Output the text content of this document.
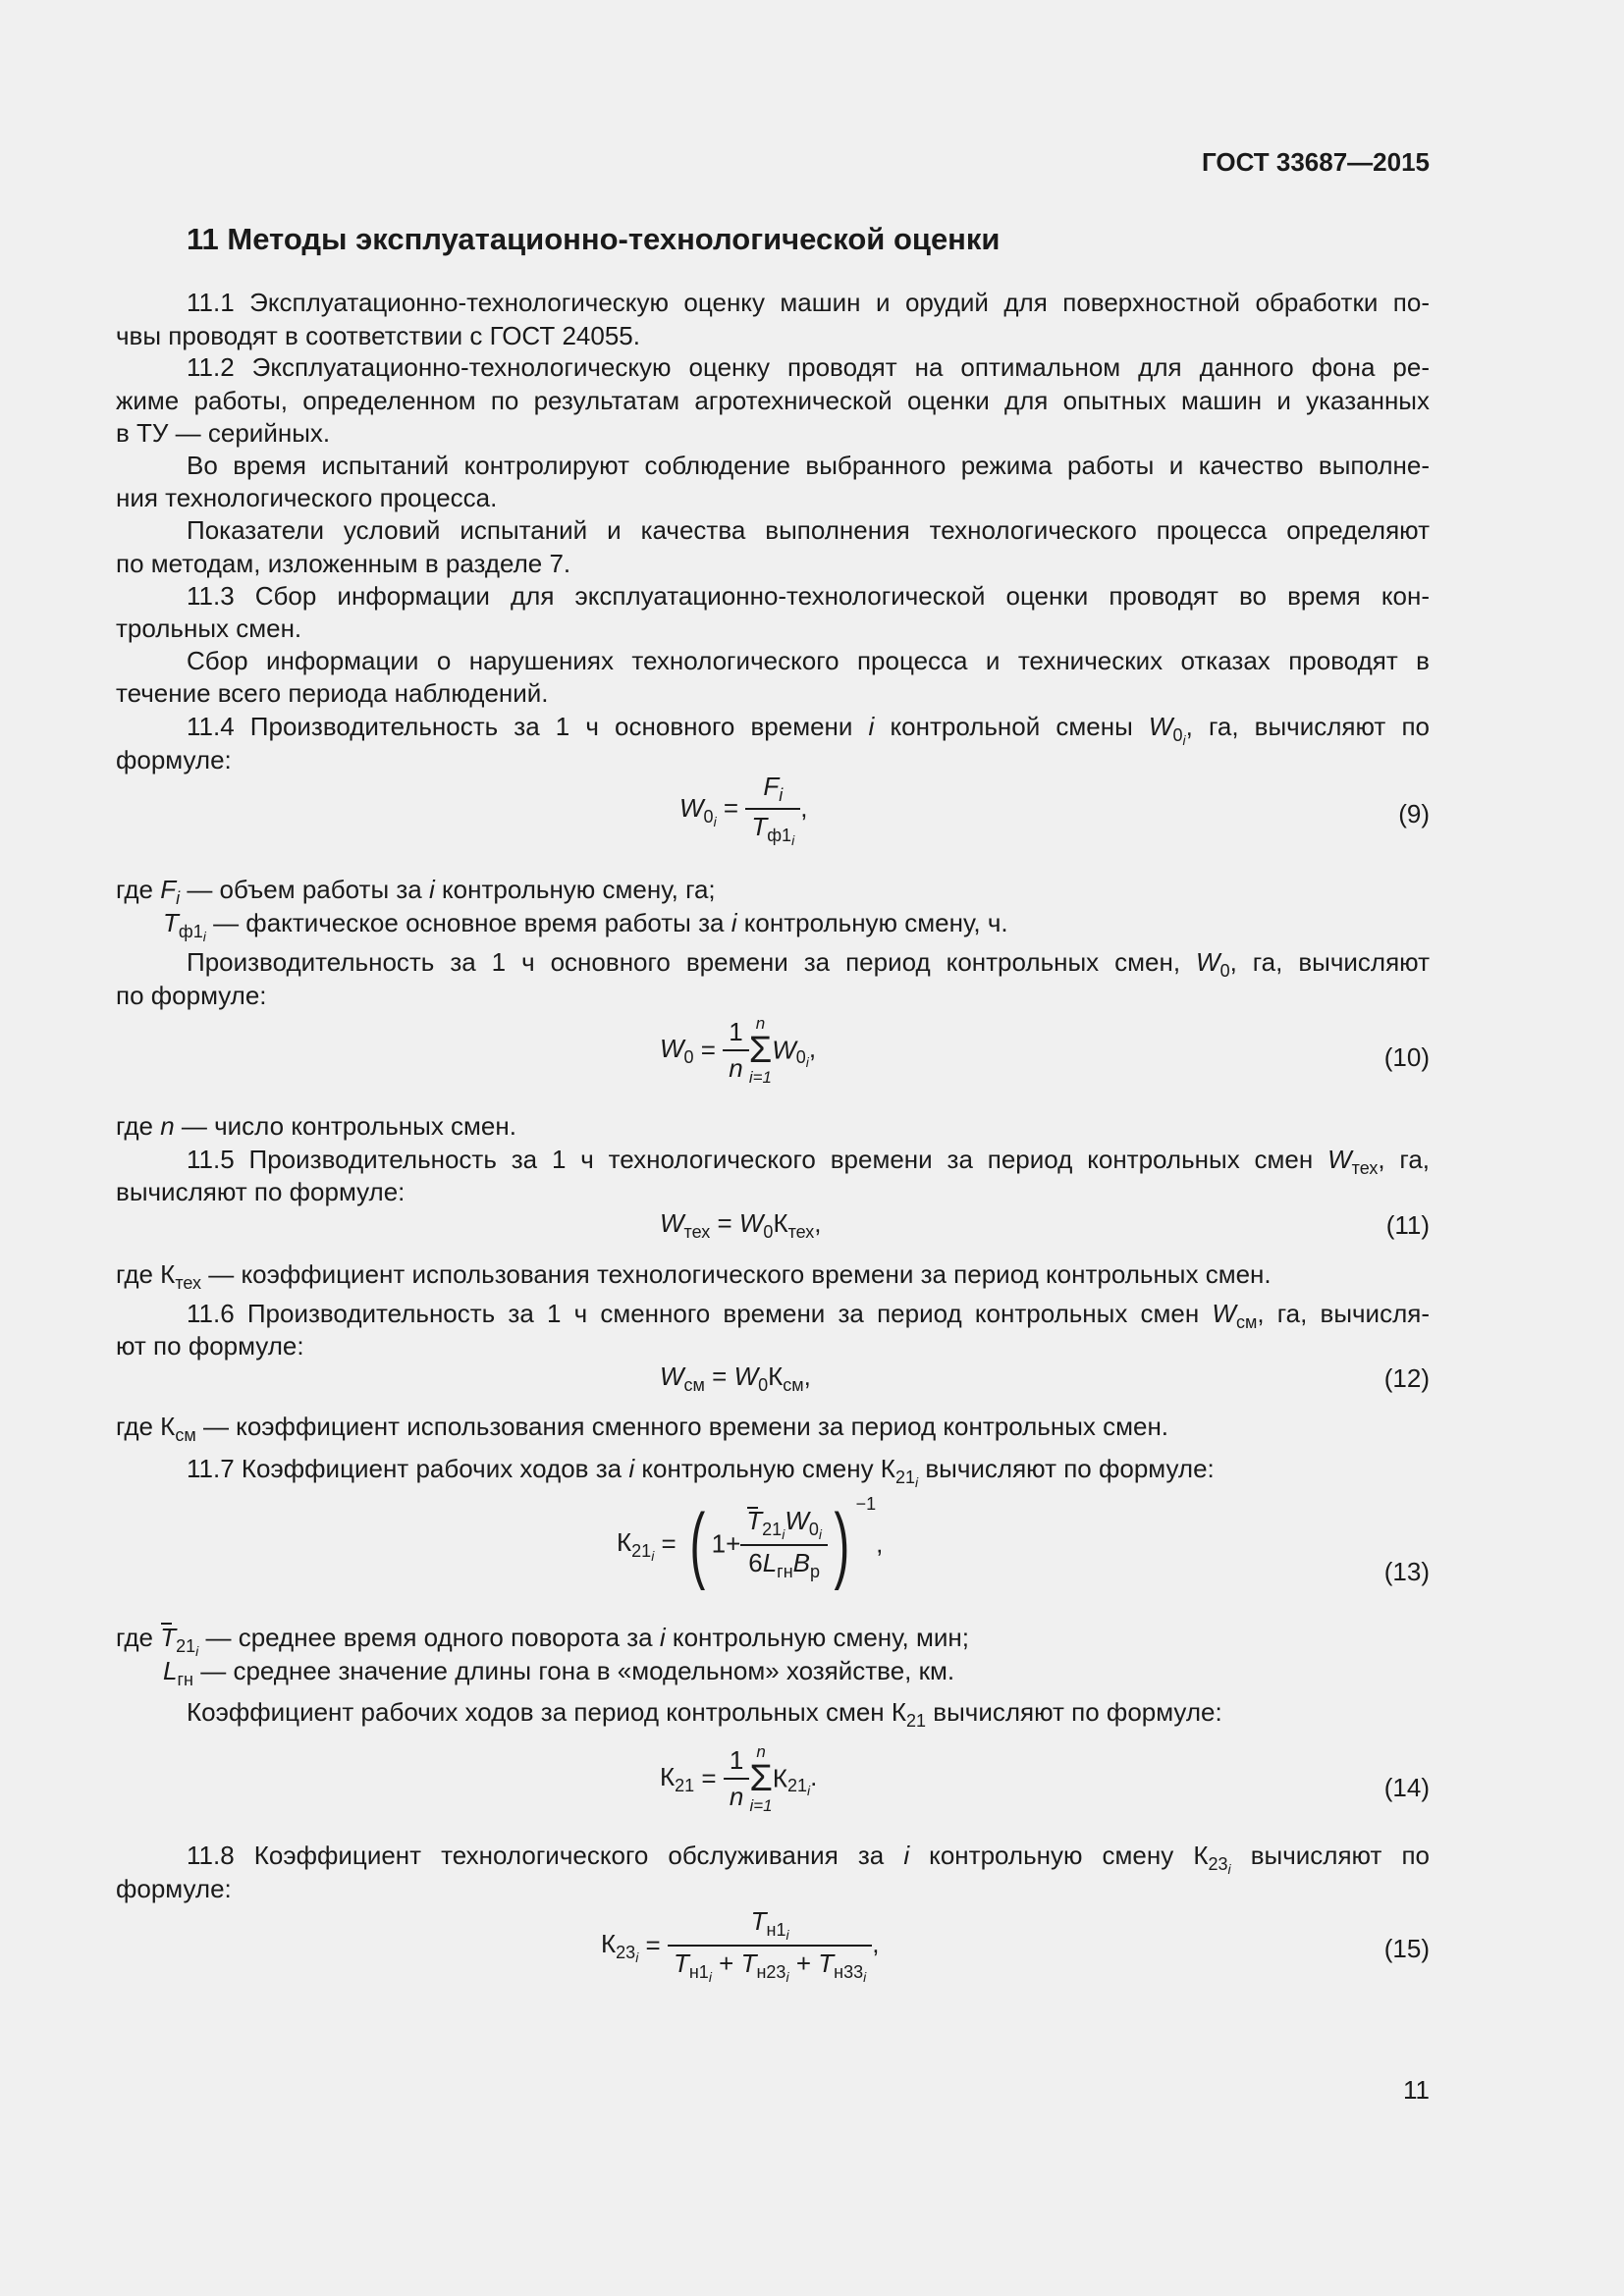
ГОСТ 33687—2015
11 Методы эксплуатационно-технологической оценки
11.1 Эксплуатационно-технологическую оценку машин и орудий для поверхностной обработки по-
чвы проводят в соответствии с ГОСТ 24055.
11.2 Эксплуатационно-технологическую оценку проводят на оптимальном для данного фона ре-
жиме работы, определенном по результатам агротехнической оценки для опытных машин и указанных
в ТУ — серийных.
Во время испытаний контролируют соблюдение выбранного режима работы и качество выполне-
ния технологического процесса.
Показатели условий испытаний и качества выполнения технологического процесса определяют
по методам, изложенным в разделе 7.
11.3 Сбор информации для эксплуатационно-технологической оценки проводят во время кон-
трольных смен.
Сбор информации о нарушениях технологического процесса и технических отказах проводят в
течение всего периода наблюдений.
11.4 Производительность за 1 ч основного времени i контрольной смены $W_{0_i}$, га, вычисляют по
формуле:
$W_{0_i} = \frac{F_i}{T_{ф1_i}}$ ,	(9)
где $F_i$ — объем работы за i контрольную смену, га;
$T_{ф1_i}$ — фактическое основное время работы за i контрольную смену, ч.
Производительность за 1 ч основного времени за период контрольных смен, $W_0$, га, вычисляют
по формуле:
$W_0 = \frac{1}{n}$ n
Σ
i=1
$W_{0_i}$,	(10)
где n — число контрольных смен.
11.5 Производительность за 1 ч технологического времени за период контрольных смен $W_{тех}$, га,
вычисляют по формуле:
$W_{тех} = W_0К_{тех}$,	(11)
где $К_{тех}$ — коэффициент использования технологического времени за период контрольных смен.
11.6 Производительность за 1 ч сменного времени за период контрольных смен $W_{см}$, га, вычисля-
ют по формуле:
$W_{см} = W_0К_{см}$,	(12)
где $К_{см}$ — коэффициент использования сменного времени за период контрольных смен.
11.7 Коэффициент рабочих ходов за i контрольную смену $К_{21_i}$ вычисляют по формуле:
$К_{21_i}$ = ( $1+ \frac{T_{21_i}W_{0_i}}{6L_{гн}B_р}$ ) $^{-1}$,
(13)
где $T_{21_i}$ — среднее время одного поворота за i контрольную смену, мин;
$L_{гн}$ — среднее значение длины гона в «модельном» хозяйстве, км.
Коэффициент рабочих ходов за период контрольных смен $К_{21}$ вычисляют по формуле:
$К_{21} = \frac{1}{n}$ n
Σ
i=1
$К_{21_i}$.	(14)
11.8 Коэффициент технологического обслуживания за i контрольную смену $К_{23_i}$ вычисляют по
формуле:
$К_{23_i} = \frac{T_{н1_i}}{T_{н1_i} + T_{н23_i} + T_{н33_i}}$ ,	(15)
11
